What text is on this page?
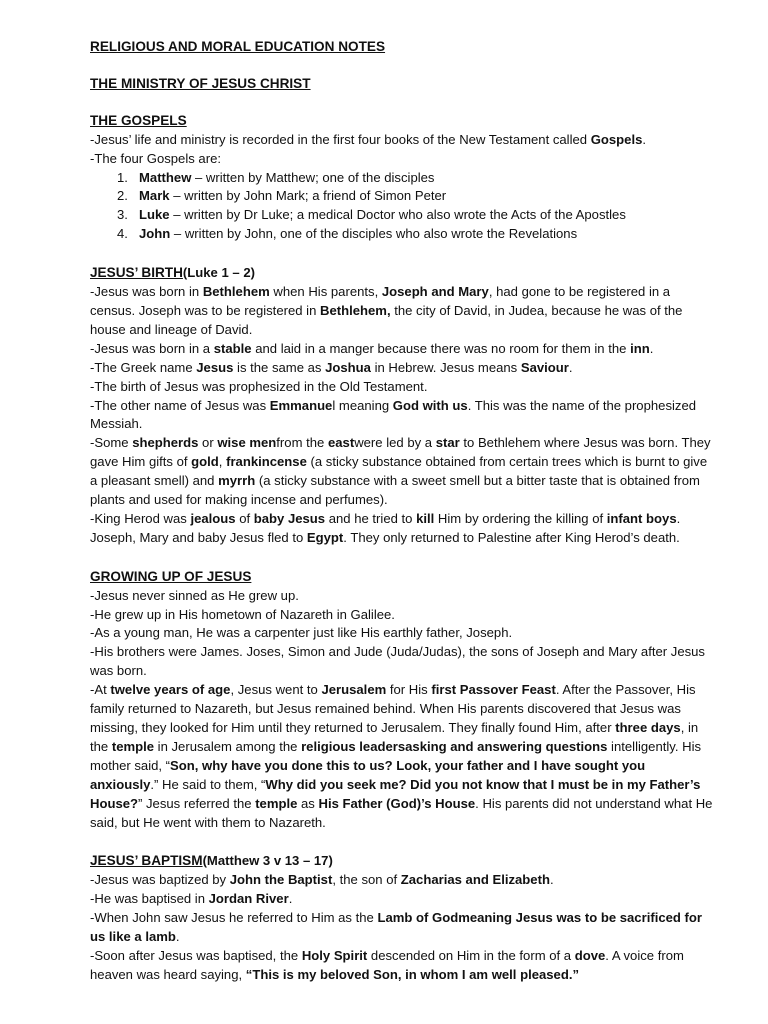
RELIGIOUS AND MORAL EDUCATION NOTES
THE MINISTRY OF JESUS CHRIST
THE GOSPELS

-Jesus’ life and ministry is recorded in the first four books of the New Testament called Gospels.

-The four Gospels are:

1. Matthew – written by Matthew; one of the disciples
2. Mark – written by John Mark; a friend of Simon Peter
3. Luke – written by Dr Luke; a medical Doctor who also wrote the Acts of the Apostles
4. John – written by John, one of the disciples who also wrote the Revelations
JESUS’ BIRTH(Luke 1 – 2)

-Jesus was born in Bethlehem when His parents, Joseph and Mary, had gone to be registered in a census. Joseph was to be registered in Bethlehem, the city of David, in Judea, because he was of the house and lineage of David.

-Jesus was born in a stable and laid in a manger because there was no room for them in the inn.

-The Greek name Jesus is the same as Joshua in Hebrew. Jesus means Saviour.

-The birth of Jesus was prophesized in the Old Testament.

-The other name of Jesus was Emmanuel meaning God with us. This was the name of the prophesized Messiah.

-Some shepherds or wise menfrom the eastwere led by a star to Bethlehem where Jesus was born. They gave Him gifts of gold, frankincense (a sticky substance obtained from certain trees which is burnt to give a pleasant smell) and myrrh (a sticky substance with a sweet smell but a bitter taste that is obtained from plants and used for making incense and perfumes).

-King Herod was jealous of baby Jesus and he tried to kill Him by ordering the killing of infant boys. Joseph, Mary and baby Jesus fled to Egypt. They only returned to Palestine after King Herod’s death.

GROWING UP OF JESUS

-Jesus never sinned as He grew up.

-He grew up in His hometown of Nazareth in Galilee.

-As a young man, He was a carpenter just like His earthly father, Joseph.

-His brothers were James. Joses, Simon and Jude (Juda/Judas), the sons of Joseph and Mary after Jesus was born.

-At twelve years of age, Jesus went to Jerusalem for His first Passover Feast. After the Passover, His family returned to Nazareth, but Jesus remained behind. When His parents discovered that Jesus was missing, they looked for Him until they returned to Jerusalem. They finally found Him, after three days, in the temple in Jerusalem among the religious leadersasking and answering questions intelligently. His mother said, “Son, why have you done this to us? Look, your father and I have sought you anxiously.” He said to them, “Why did you seek me? Did you not know that I must be in my Father’s House?” Jesus referred the temple as His Father (God)’s House. His parents did not understand what He said, but He went with them to Nazareth.

JESUS’ BAPTISM(Matthew 3 v 13 – 17)

-Jesus was baptized by John the Baptist, the son of Zacharias and Elizabeth.

-He was baptised in Jordan River.

-When John saw Jesus he referred to Him as the Lamb of Godmeaning Jesus was to be sacrificed for us like a lamb.

-Soon after Jesus was baptised, the Holy Spirit descended on Him in the form of a dove. A voice from heaven was heard saying, “This is my beloved Son, in whom I am well pleased.”
